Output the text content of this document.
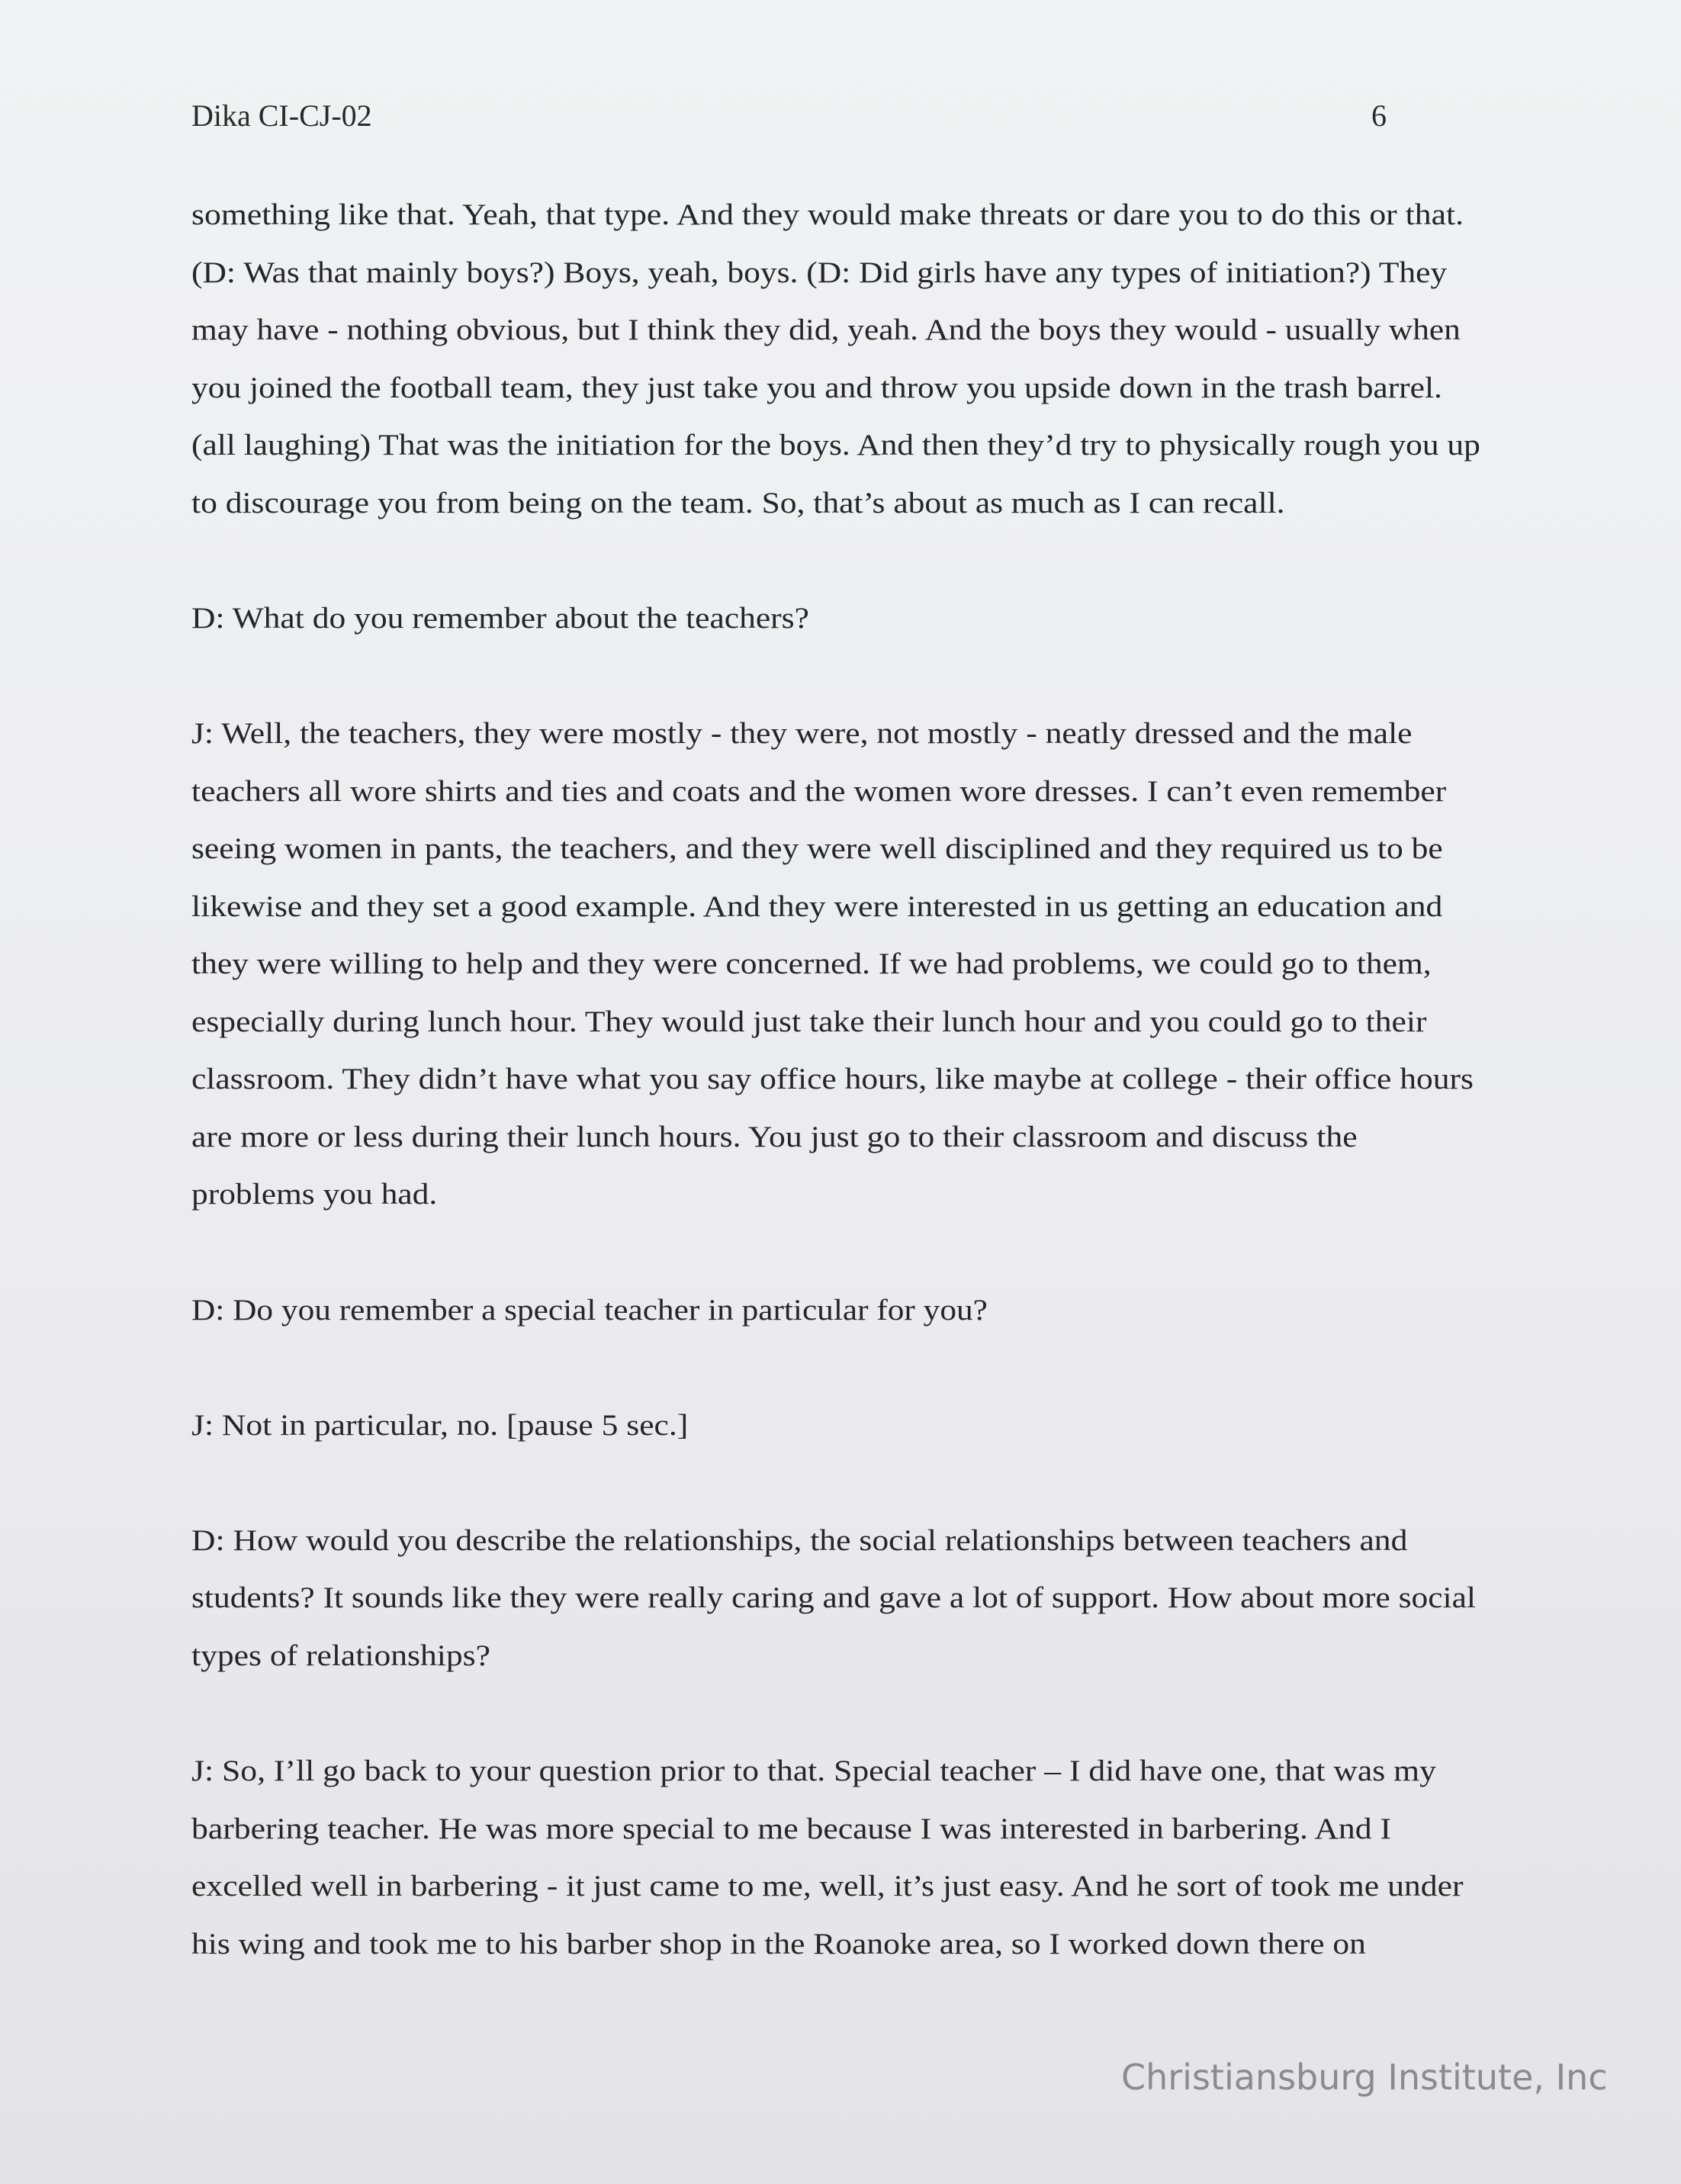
Dika CI-CJ-02	6
something like that. Yeah, that type. And they would make threats or dare you to do this or that.
(D: Was that mainly boys?) Boys, yeah, boys. (D: Did girls have any types of initiation?) They
may have - nothing obvious, but I think they did, yeah. And the boys they would - usually when
you joined the football team, they just take you and throw you upside down in the trash barrel.
(all laughing) That was the initiation for the boys. And then they’d try to physically rough you up
to discourage you from being on the team. So, that’s about as much as I can recall.
D: What do you remember about the teachers?
J: Well, the teachers, they were mostly - they were, not mostly - neatly dressed and the male
teachers all wore shirts and ties and coats and the women wore dresses. I can’t even remember
seeing women in pants, the teachers, and they were well disciplined and they required us to be
likewise and they set a good example. And they were interested in us getting an education and
they were willing to help and they were concerned. If we had problems, we could go to them,
especially during lunch hour. They would just take their lunch hour and you could go to their
classroom. They didn’t have what you say office hours, like maybe at college - their office hours
are more or less during their lunch hours. You just go to their classroom and discuss the
problems you had.
D: Do you remember a special teacher in particular for you?
J: Not in particular, no. [pause 5 sec.]
D: How would you describe the relationships, the social relationships between teachers and
students? It sounds like they were really caring and gave a lot of support. How about more social
types of relationships?
J: So, I’ll go back to your question prior to that. Special teacher – I did have one, that was my
barbering teacher. He was more special to me because I was interested in barbering. And I
excelled well in barbering - it just came to me, well, it’s just easy. And he sort of took me under
his wing and took me to his barber shop in the Roanoke area, so I worked down there on
Christiansburg Institute, Inc
